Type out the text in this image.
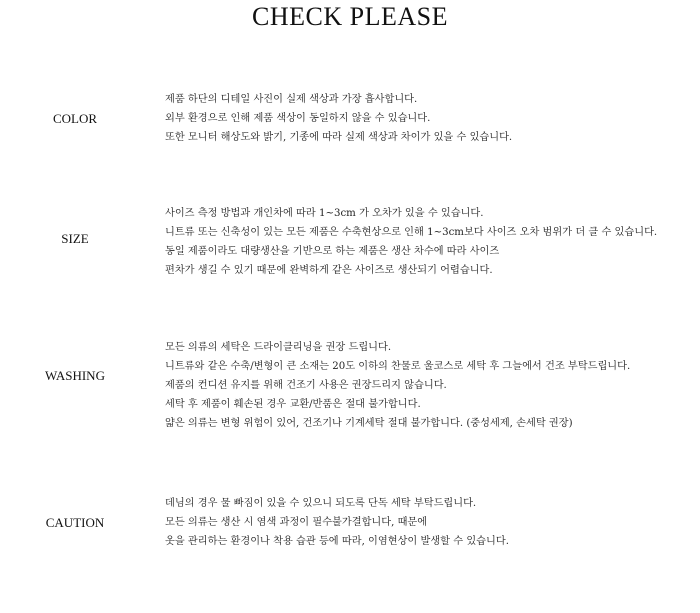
CHECK PLEASE
COLOR
제품 하단의 디테일 사진이 실제 색상과 가장 흡사합니다.
외부 환경으로 인해 제품 색상이 동일하지 않을 수 있습니다.
또한 모니터 해상도와 밝기, 기종에 따라 실제 색상과 차이가 있을 수 있습니다.
SIZE
사이즈 측정 방법과 개인차에 따라 1~3cm 가 오차가 있을 수 있습니다.
니트류 또는 신축성이 있는 모든 제품은 수축현상으로 인해 1~3cm보다 사이즈 오차 범위가 더 클 수 있습니다.
동일 제품이라도 대량생산을 기반으로 하는 제품은 생산 차수에 따라 사이즈
편차가 생길 수 있기 때문에 완벽하게 같은 사이즈로 생산되기 어렵습니다.
WASHING
모든 의류의 세탁은 드라이클리닝을 권장 드립니다.
니트류와 같은 수축/변형이 큰 소재는 20도 이하의 찬물로 울코스로 세탁 후 그늘에서 건조 부탁드립니다.
제품의 컨디션 유지를 위해 건조기 사용은 권장드리지 않습니다.
세탁 후 제품이 훼손된 경우 교환/반품은 절대 불가합니다.
얇은 의류는 변형 위험이 있어, 건조기나 기계세탁 절대 불가합니다. (중성세제, 손세탁 권장)
CAUTION
데님의 경우 물 빠짐이 있을 수 있으니 되도록 단독 세탁 부탁드립니다.
모든 의류는 생산 시 염색 과정이 필수불가결합니다, 때문에
옷을 관리하는 환경이나 착용 습관 등에 따라, 이염현상이 발생할 수 있습니다.
